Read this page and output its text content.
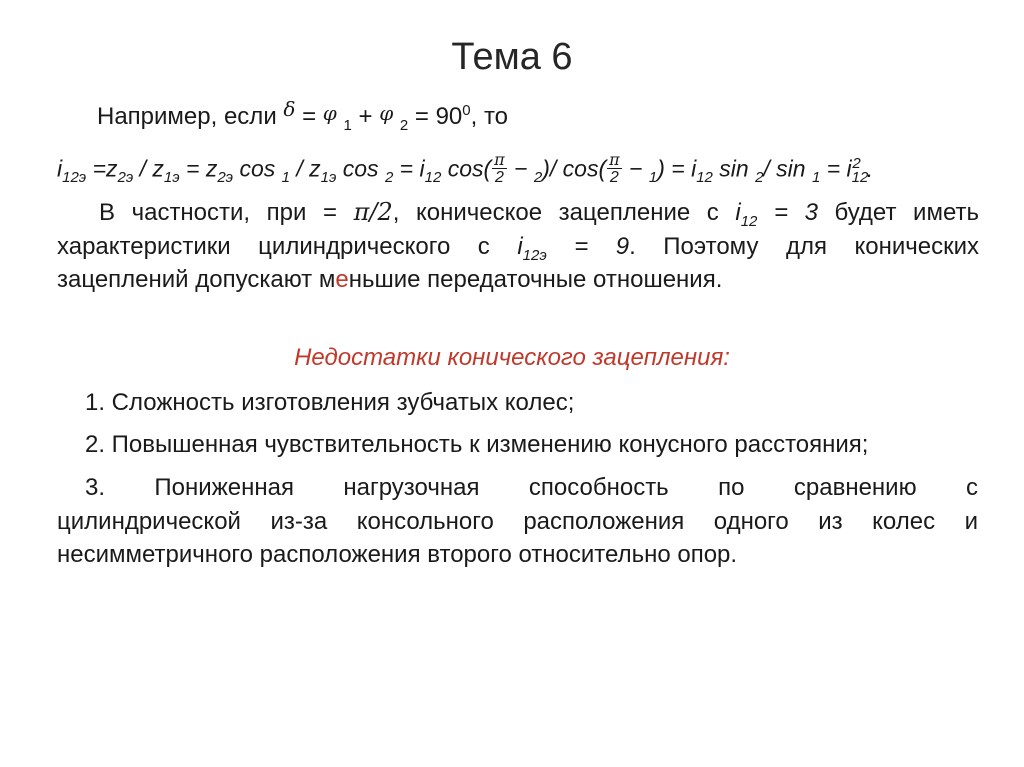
Тема 6
Например, если $^\delta$ = φ $_1$ + φ $_2 = 90^0$, то
$i_{12э} =z_{2э} / z_{1э} = z_{2э}$ $\cos _1 / z_{1э}$ $\cos _2 = i_{12}$ $\cos( \frac{\pi}{2} - _2)/$ $\cos( \frac{\pi}{2} - _1) = i_{12}$ sin $_2$/ $\sin _1 = i_{12}^2$ .
В частности, при = π/2, коническое зацепление с $i_{12} = 3$ будет иметь
характеристики цилиндрического с $i_{12э} = 9$. Поэтому для конических
зацеплений допускают меньшие передаточные отношения.
Недостатки конического зацепления:
1. Сложность изготовления зубчатых колес;
2. Повышенная чувствительность к изменению конусного расстояния;
3. Пониженная нагрузочная способность по сравнению с
цилиндрической из-за консольного расположения одного из колес и
несимметричного расположения второго относительно опор.
